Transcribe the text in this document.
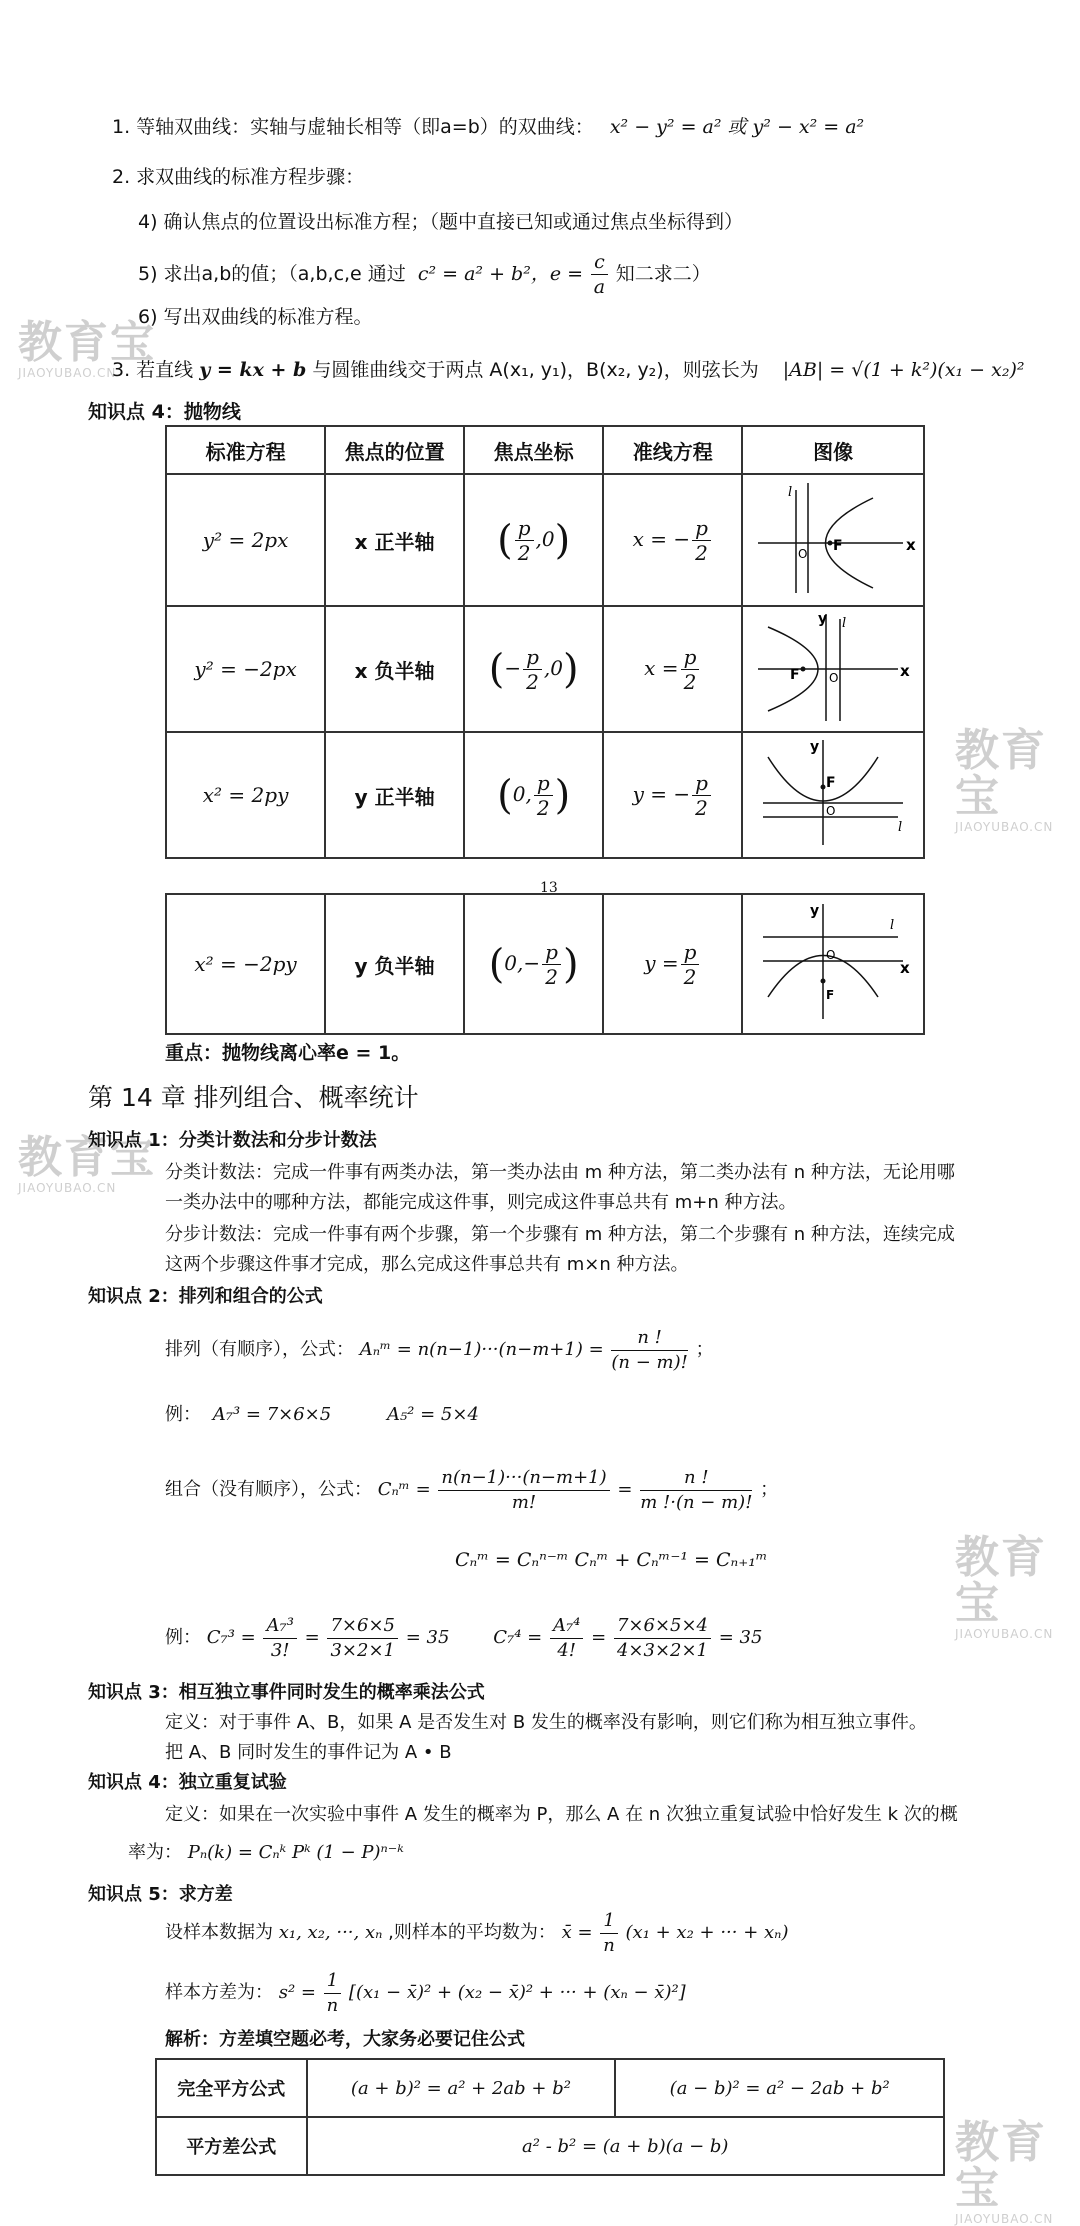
教育宝
JIAOYUBAO.CN
教育宝
JIAOYUBAO.CN
教育宝
JIAOYUBAO.CN
教育宝
JIAOYUBAO.CN
教育宝
JIAOYUBAO.CN
1. 等轴双曲线：实轴与虚轴长相等（即a=b）的双曲线： x² − y² = a² 或 y² − x² = a²
2. 求双曲线的标准方程步骤：
4) 确认焦点的位置设出标准方程；（题中直接已知或通过焦点坐标得到）
5) 求出a,b的值；（a,b,c,e 通过 c² = a² + b²，$e = \frac{c}{a}$ 知二求二）
6) 写出双曲线的标准方程。
3. 若直线 y = kx + b 与圆锥曲线交于两点 A(x₁, y₁)，B(x₂, y₂)，则弦长为 |AB| = √(1 + k²)(x₁ − x₂)²
知识点 4：抛物线
标准方程	焦点的位置	焦点坐标	准线方程	图像
y² = 2px	x 正半轴	( $\frac{p}{2} ,0$)	x = − $\frac{p}{2}$	x
l
O F

y² = −2px	x 负半轴	(− $\frac{p}{2} ,0$)	$x = \frac{p}{2}$	x
y l
F O

x² = 2py	y 正半轴	(0, $\frac{p}{2}$ )	y = − $\frac{p}{2}$	l
y
F
O
13
x² = −2py	y 负半轴	($0,- \frac{p}{2}$ )	$y = \frac{p}{2}$

l
x
y
O
F
重点：抛物线离心率e = 1。
第 14 章 排列组合、概率统计
知识点 1：分类计数法和分步计数法
分类计数法：完成一件事有两类办法，第一类办法由 m 种方法，第二类办法有 n 种方法，无论用哪
一类办法中的哪种方法，都能完成这件事，则完成这件事总共有 m+n 种方法。
分步计数法：完成一件事有两个步骤，第一个步骤有 m 种方法，第二个步骤有 n 种方法，连续完成
这两个步骤这件事才完成，那么完成这件事总共有 m×n 种方法。
知识点 2：排列和组合的公式
排列（有顺序），公式： Aₙᵐ = $n(n-1)\cdot\cdot\cdot(n-m+1) = \frac{n !}{(n - m)!}$ ；
例： A₇³ = 7×6×5	A₅² = 5×4
组合（没有顺序），公式： Cₙᵐ = $\frac{n(n-1)\cdot\cdot\cdot(n-m+1)}{m!} = \frac{n !}{m !\cdot(n - m)!}$ ；
Cₙᵐ = Cₙⁿ⁻ᵐ Cₙᵐ + Cₙᵐ⁻¹ = Cₙ₊₁ᵐ
例： $C_7^3 = \frac{\text{A₇³}}{3!} = \frac{7\times 6\times 5}{3\times 2\times 1} = 35$ $C_7^4 = \frac{\text{A₇⁴}}{4!} = \frac{7\times 6\times 5\times 4}{4\times 3\times 2\times 1} = 35$
知识点 3：相互独立事件同时发生的概率乘法公式
定义：对于事件 A、B，如果 A 是否发生对 B 发生的概率没有影响，则它们称为相互独立事件。
把 A、B 同时发生的事件记为 A • B
知识点 4：独立重复试验
定义：如果在一次实验中事件 A 发生的概率为 P，那么 A 在 n 次独立重复试验中恰好发生 k 次的概
率为： Pₙ(k) = Cₙᵏ Pᵏ (1 − P)ⁿ⁻ᵏ
知识点 5：求方差
设样本数据为 x₁, x₂, ···, xₙ ,则样本的平均数为： x̄ = $\frac{1}{n} (x_1 + x_2$ + ··· + xₙ)
样本方差为： $s^2 = \frac{1}{n} [(x_1$ − x̄)² + (x₂ − x̄)² + ··· + (xₙ − x̄)²]
解析：方差填空题必考，大家务必要记住公式
完全平方公式	(a + b)² = a² + 2ab + b²	(a − b)² = a² − 2ab + b²
平方差公式	a² - b² = (a + b)(a − b)	
